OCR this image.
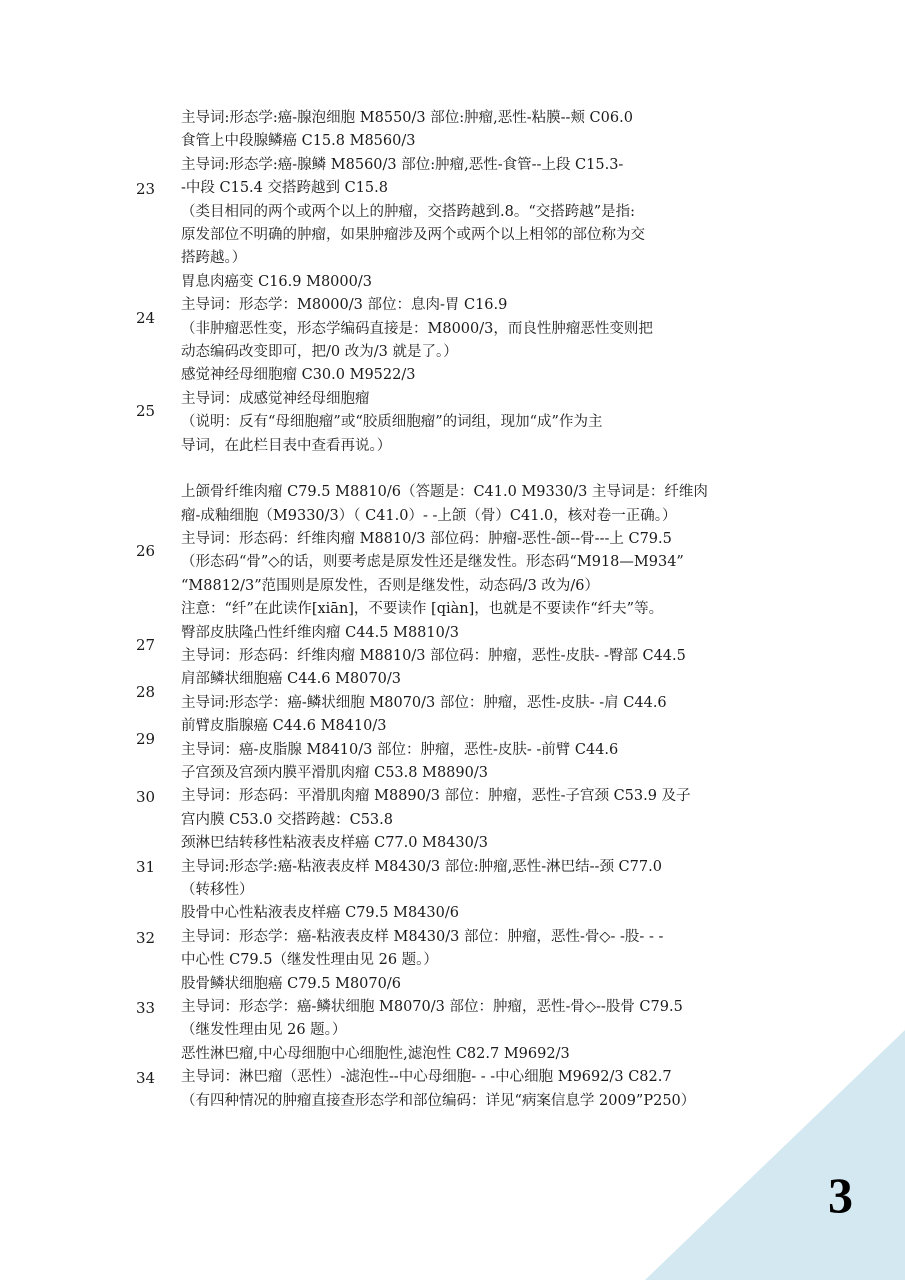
3
23
主导词:形态学:癌-腺泡细胞 M8550/3 部位:肿瘤,恶性-粘膜--颊 C06.0
食管上中段腺鳞癌 C15.8 M8560/3
主导词:形态学:癌-腺鳞 M8560/3 部位:肿瘤,恶性-食管--上段 C15.3-
-中段 C15.4 交搭跨越到 C15.8
（类目相同的两个或两个以上的肿瘤，交搭跨越到.8。“交搭跨越”是指:
原发部位不明确的肿瘤，如果肿瘤涉及两个或两个以上相邻的部位称为交
搭跨越。）
24
胃息肉癌变 C16.9 M8000/3
主导词：形态学：M8000/3 部位：息肉-胃 C16.9
（非肿瘤恶性变，形态学编码直接是：M8000/3，而良性肿瘤恶性变则把
动态编码改变即可，把/0 改为/3 就是了。）
25
感觉神经母细胞瘤 C30.0 M9522/3
主导词：成感觉神经母细胞瘤
（说明：反有“母细胞瘤”或“胶质细胞瘤”的词组，现加“成”作为主
导词，在此栏目表中查看再说。）
26
上颌骨纤维肉瘤 C79.5 M8810/6（答题是：C41.0 M9330/3 主导词是：纤维肉
瘤-成釉细胞（M9330/3）（ C41.0）- -上颌（骨）C41.0，核对卷一正确。）
主导词：形态码：纤维肉瘤 M8810/3 部位码：肿瘤-恶性-颌--骨---上 C79.5
（形态码“骨”◇的话，则要考虑是原发性还是继发性。形态码“M918—M934”
“M8812/3”范围则是原发性，否则是继发性，动态码/3 改为/6）
注意：“纤”在此读作[xiān]，不要读作 [qiàn]，也就是不要读作“纤夫”等。
27
臀部皮肤隆凸性纤维肉瘤 C44.5 M8810/3
主导词：形态码：纤维肉瘤 M8810/3 部位码：肿瘤，恶性-皮肤- -臀部 C44.5
28
肩部鳞状细胞癌 C44.6 M8070/3
主导词:形态学：癌-鳞状细胞 M8070/3 部位：肿瘤，恶性-皮肤- -肩 C44.6
29
前臂皮脂腺癌 C44.6 M8410/3
主导词：癌-皮脂腺 M8410/3 部位：肿瘤，恶性-皮肤- -前臂 C44.6
30
子宫颈及宫颈内膜平滑肌肉瘤 C53.8 M8890/3
主导词：形态码：平滑肌肉瘤 M8890/3 部位：肿瘤，恶性-子宫颈 C53.9 及子
宫内膜 C53.0 交搭跨越：C53.8
31
颈淋巴结转移性粘液表皮样癌 C77.0 M8430/3
主导词:形态学:癌-粘液表皮样 M8430/3 部位:肿瘤,恶性-淋巴结--颈 C77.0
（转移性）
32
股骨中心性粘液表皮样癌 C79.5 M8430/6
主导词：形态学：癌-粘液表皮样 M8430/3 部位：肿瘤，恶性-骨◇- -股- - -
中心性 C79.5（继发性理由见 26 题。）
33
股骨鳞状细胞癌 C79.5 M8070/6
主导词：形态学：癌-鳞状细胞 M8070/3 部位：肿瘤，恶性-骨◇--股骨 C79.5
（继发性理由见 26 题。）
34
恶性淋巴瘤,中心母细胞中心细胞性,滤泡性 C82.7 M9692/3
主导词：淋巴瘤（恶性）-滤泡性--中心母细胞- - -中心细胞 M9692/3 C82.7
（有四种情况的肿瘤直接查形态学和部位编码：详见“病案信息学 2009”P250）
